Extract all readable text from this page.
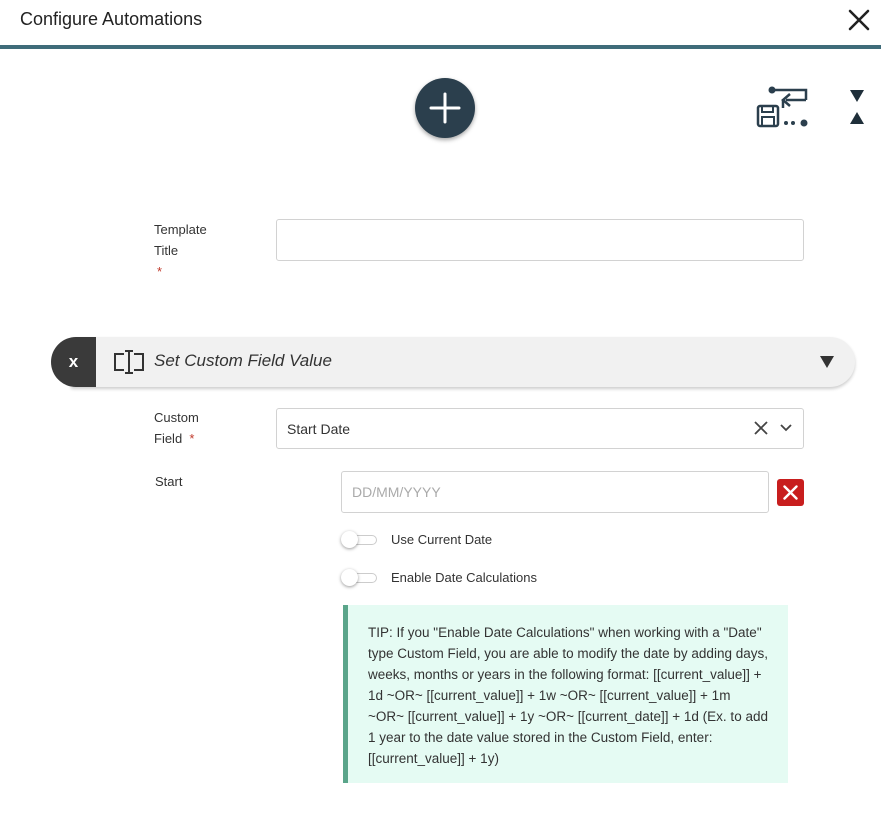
Configure Automations
Template
Title
*
x	Set Custom Field Value
Custom
Field *
Start Date
Start
DD/MM/YYYY
Use Current Date
Enable Date Calculations
TIP: If you "Enable Date Calculations" when working with a "Date" type Custom Field, you are able to modify the date by adding days, weeks, months or years in the following format: [[current_value]] + 1d ~OR~ [[current_value]] + 1w ~OR~ [[current_value]] + 1m ~OR~ [[current_value]] + 1y ~OR~ [[current_date]] + 1d (Ex. to add 1 year to the date value stored in the Custom Field, enter: [[current_value]] + 1y)
